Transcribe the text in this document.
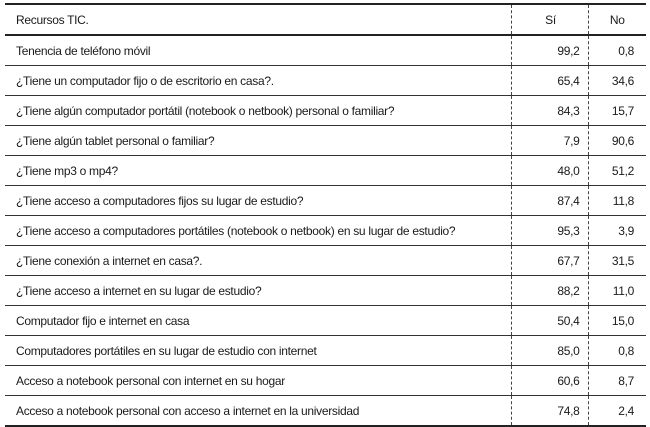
Recursos TIC.	Sí	No
Tenencia de teléfono móvil	99,2	0,8
¿Tiene un computador fijo o de escritorio en casa?.	65,4	34,6
¿Tiene algún computador portátil (notebook o netbook) personal o familiar?	84,3	15,7
¿Tiene algún tablet personal o familiar?	7,9	90,6
¿Tiene mp3 o mp4?	48,0	51,2
¿Tiene acceso a computadores fijos su lugar de estudio?	87,4	11,8
¿Tiene acceso a computadores portátiles (notebook o netbook) en su lugar de estudio?	95,3	3,9
¿Tiene conexión a internet en casa?.	67,7	31,5
¿Tiene acceso a internet en su lugar de estudio?	88,2	11,0
Computador fijo e internet en casa	50,4	15,0
Computadores portátiles en su lugar de estudio con internet	85,0	0,8
Acceso a notebook personal con internet en su hogar	60,6	8,7
Acceso a notebook personal con acceso a internet en la universidad	74,8	2,4
